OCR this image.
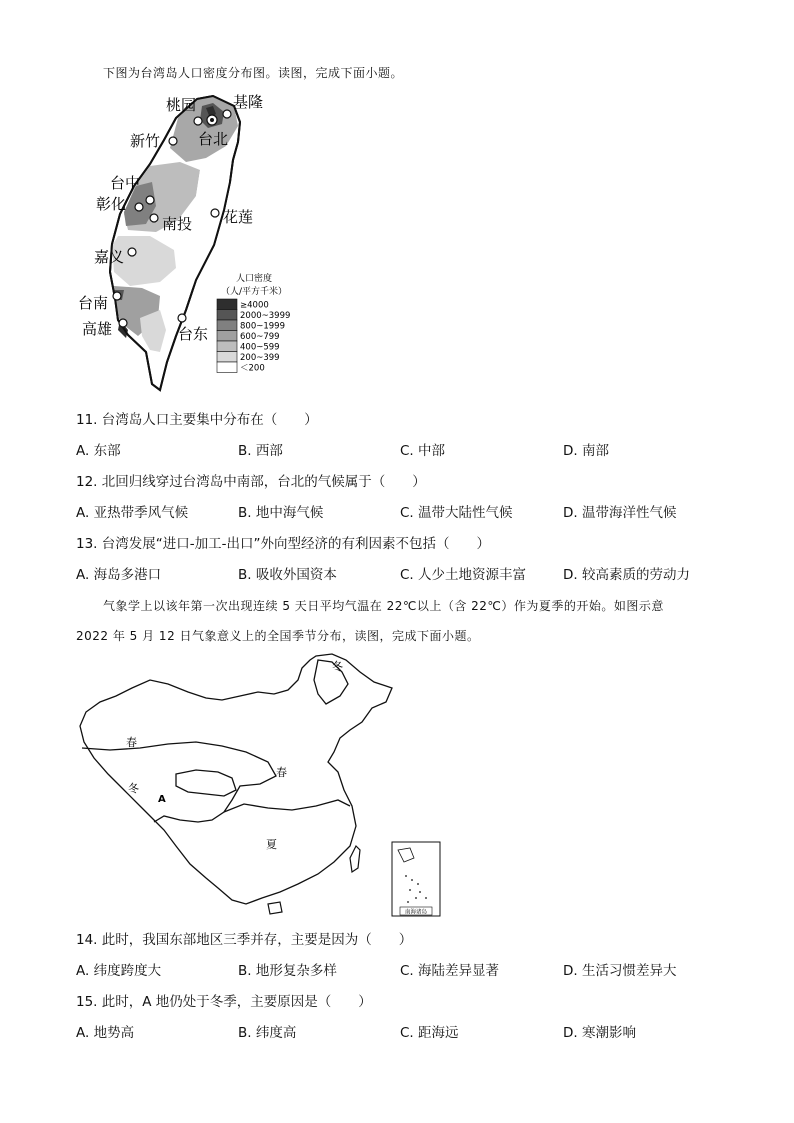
下图为台湾岛人口密度分布图。读图，完成下面小题。
桃园 基隆
新竹	台北
台中
彰化
南投 花莲
嘉义
台南
高雄	台东
人口密度
（人/平方千米）
≥4000
2000~3999
800~1999
600~799
400~599
200~399
＜200
11. 台湾岛人口主要集中分布在（　　）
A. 东部	B. 西部	C. 中部	D. 南部
12. 北回归线穿过台湾岛中南部，台北的气候属于（　　）
A. 亚热带季风气候	B. 地中海气候	C. 温带大陆性气候	D. 温带海洋性气候
13. 台湾发展“进口-加工-出口”外向型经济的有利因素不包括（　　）
A. 海岛多港口	B. 吸收外国资本	C. 人少土地资源丰富	D. 较高素质的劳动力
气象学上以该年第一次出现连续 5 天日平均气温在 22℃以上（含 22℃）作为夏季的开始。如图示意
2022 年 5 月 12 日气象意义上的全国季节分布，读图，完成下面小题。
南海诸岛
冬
春
春
冬
A
夏
14. 此时，我国东部地区三季并存，主要是因为（　　）
A. 纬度跨度大	B. 地形复杂多样	C. 海陆差异显著	D. 生活习惯差异大
15. 此时，A 地仍处于冬季，主要原因是（　　）
A. 地势高	B. 纬度高	C. 距海远	D. 寒潮影响
